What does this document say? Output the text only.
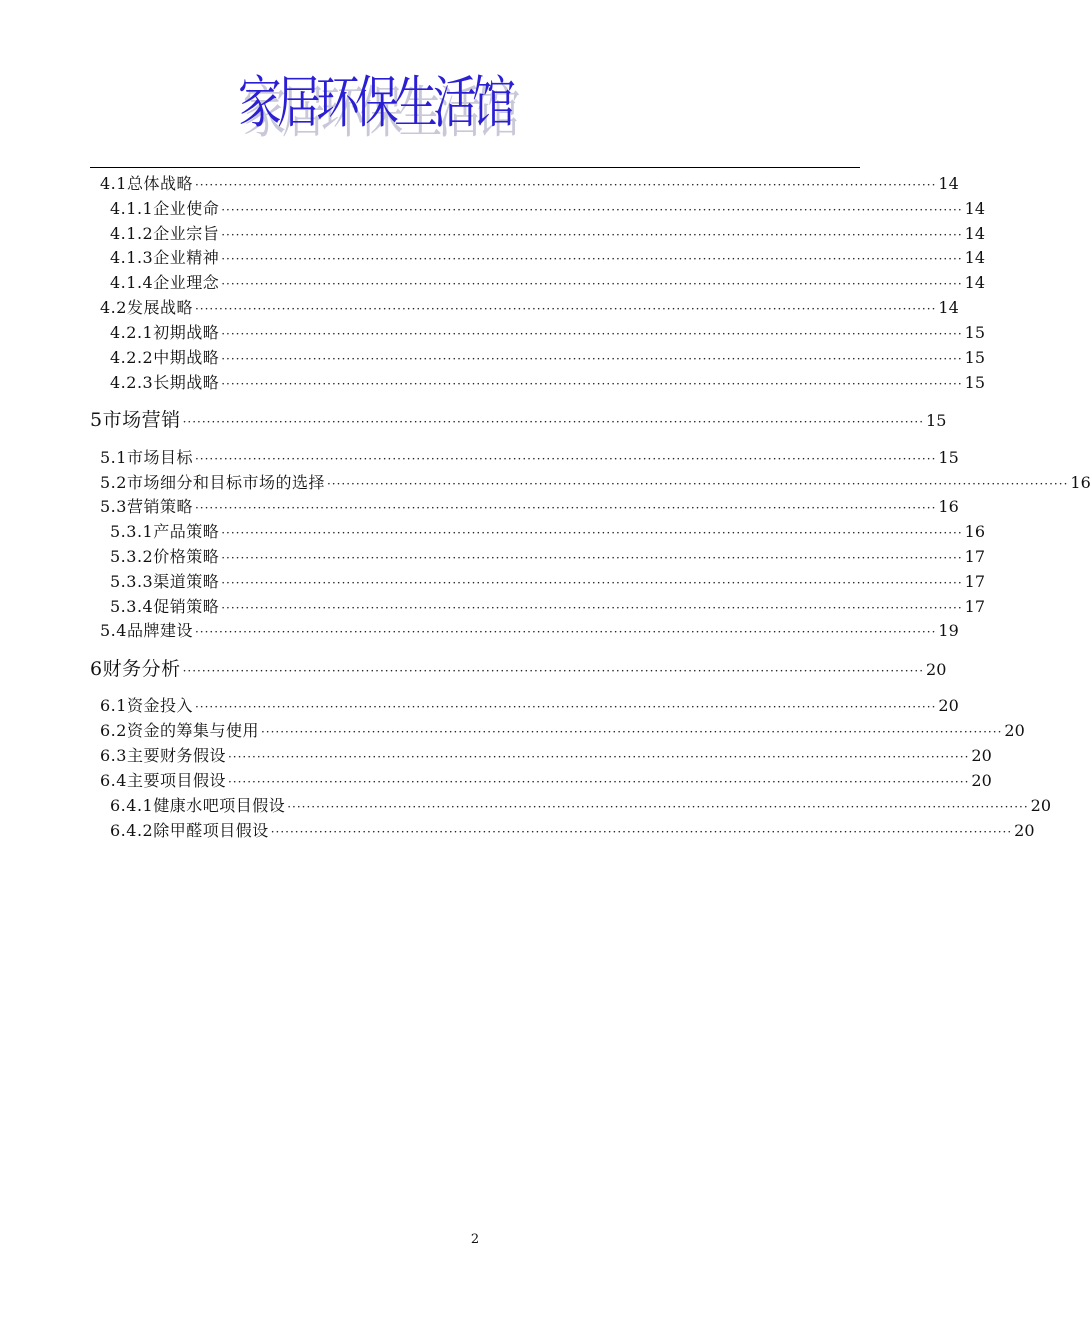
家居环保生活馆
4.1总体战略 ·························································································································································· 14
4.1.1企业使命 ·························································································································································· 14
4.1.2企业宗旨 ·························································································································································· 14
4.1.3企业精神 ·························································································································································· 14
4.1.4企业理念 ·························································································································································· 14
4.2发展战略 ·························································································································································· 14
4.2.1初期战略 ·························································································································································· 15
4.2.2中期战略 ·························································································································································· 15
4.2.3长期战略 ·························································································································································· 15
5市场营销 ·························································································································································· 15
5.1市场目标 ·························································································································································· 15
5.2市场细分和目标市场的选择 ·························································································································································· 16
5.3营销策略 ·························································································································································· 16
5.3.1产品策略 ·························································································································································· 16
5.3.2价格策略 ·························································································································································· 17
5.3.3渠道策略 ·························································································································································· 17
5.3.4促销策略 ·························································································································································· 17
5.4品牌建设 ·························································································································································· 19
6财务分析 ·························································································································································· 20
6.1资金投入 ·························································································································································· 20
6.2资金的筹集与使用 ·························································································································································· 20
6.3主要财务假设 ·························································································································································· 20
6.4主要项目假设 ·························································································································································· 20
6.4.1健康水吧项目假设 ·························································································································································· 20
6.4.2除甲醛项目假设 ·························································································································································· 20
2
